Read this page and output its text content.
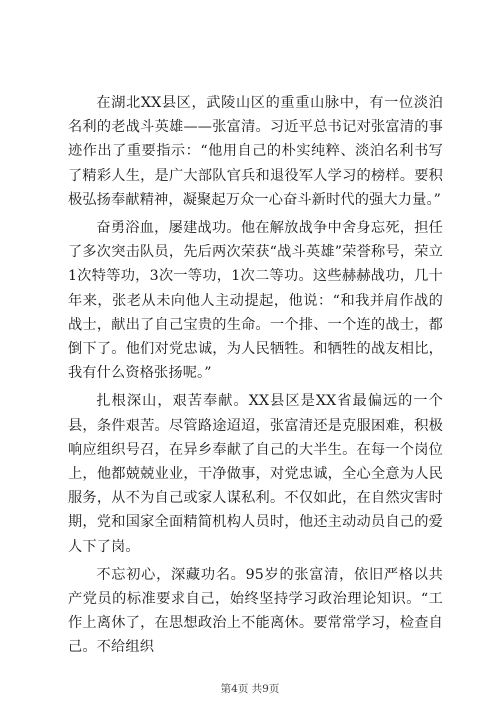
在湖北XX县区，武陵山区的重重山脉中，有一位淡泊名利的老战斗英雄——张富清。习近平总书记对张富清的事迹作出了重要指示：“他用自己的朴实纯粹、淡泊名利书写了精彩人生，是广大部队官兵和退役军人学习的榜样。要积极弘扬奉献精神，凝聚起万众一心奋斗新时代的强大力量。”

奋勇浴血，屡建战功。他在解放战争中舍身忘死，担任了多次突击队员，先后两次荣获“战斗英雄”荣誉称号，荣立1次特等功，3次一等功，1次二等功。这些赫赫战功，几十年来，张老从未向他人主动提起，他说：“和我并肩作战的战士，献出了自己宝贵的生命。一个排、一个连的战士，都倒下了。他们对党忠诚，为人民牺牲。和牺牲的战友相比，我有什么资格张扬呢。”

扎根深山，艰苦奉献。XX县区是XX省最偏远的一个县，条件艰苦。尽管路途迢迢，张富清还是克服困难，积极响应组织号召，在异乡奉献了自己的大半生。在每一个岗位上，他都兢兢业业，干净做事，对党忠诚，全心全意为人民服务，从不为自己或家人谋私利。不仅如此，在自然灾害时期，党和国家全面精简机构人员时，他还主动动员自己的爱人下了岗。

不忘初心，深藏功名。95岁的张富清，依旧严格以共产党员的标准要求自己，始终坚持学习政治理论知识。“工作上离休了，在思想政治上不能离休。要常常学习，检查自己。不给组织

第4页 共9页
